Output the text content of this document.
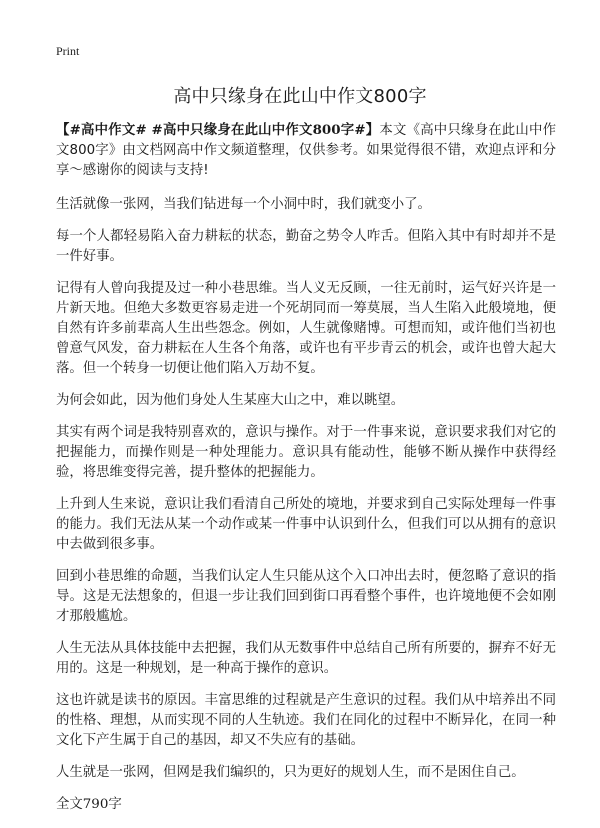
Print
高中只缘身在此山中作文800字

【#高中作文# #高中只缘身在此山中作文800字#】本文《高中只缘身在此山中作文800字》由文档网高中作文频道整理，仅供参考。如果觉得很不错，欢迎点评和分享～感谢你的阅读与支持!

生活就像一张网，当我们钻进每一个小洞中时，我们就变小了。

每一个人都轻易陷入奋力耕耘的状态，勤奋之势令人咋舌。但陷入其中有时却并不是一件好事。

记得有人曾向我提及过一种小巷思维。当人义无反顾，一往无前时，运气好兴许是一片新天地。但绝大多数更容易走进一个死胡同而一筹莫展，当人生陷入此般境地，便自然有许多前辈高人生出些怨念。例如，人生就像赌博。可想而知，或许他们当初也曾意气风发，奋力耕耘在人生各个角落，或许也有平步青云的机会，或许也曾大起大落。但一个转身一切便让他们陷入万劫不复。

为何会如此，因为他们身处人生某座大山之中，难以眺望。

其实有两个词是我特别喜欢的，意识与操作。对于一件事来说，意识要求我们对它的把握能力，而操作则是一种处理能力。意识具有能动性，能够不断从操作中获得经验，将思维变得完善，提升整体的把握能力。

上升到人生来说，意识让我们看清自己所处的境地，并要求到自己实际处理每一件事的能力。我们无法从某一个动作或某一件事中认识到什么，但我们可以从拥有的意识中去做到很多事。

回到小巷思维的命题，当我们认定人生只能从这个入口冲出去时，便忽略了意识的指导。这是无法想象的，但退一步让我们回到街口再看整个事件，也许境地便不会如刚才那般尴尬。

人生无法从具体技能中去把握，我们从无数事件中总结自己所有所要的，摒弃不好无用的。这是一种规划，是一种高于操作的意识。

这也许就是读书的原因。丰富思维的过程就是产生意识的过程。我们从中培养出不同的性格、理想，从而实现不同的人生轨迹。我们在同化的过程中不断异化，在同一种文化下产生属于自己的基因，却又不失应有的基础。

人生就是一张网，但网是我们编织的，只为更好的规划人生，而不是困住自己。

全文790字
